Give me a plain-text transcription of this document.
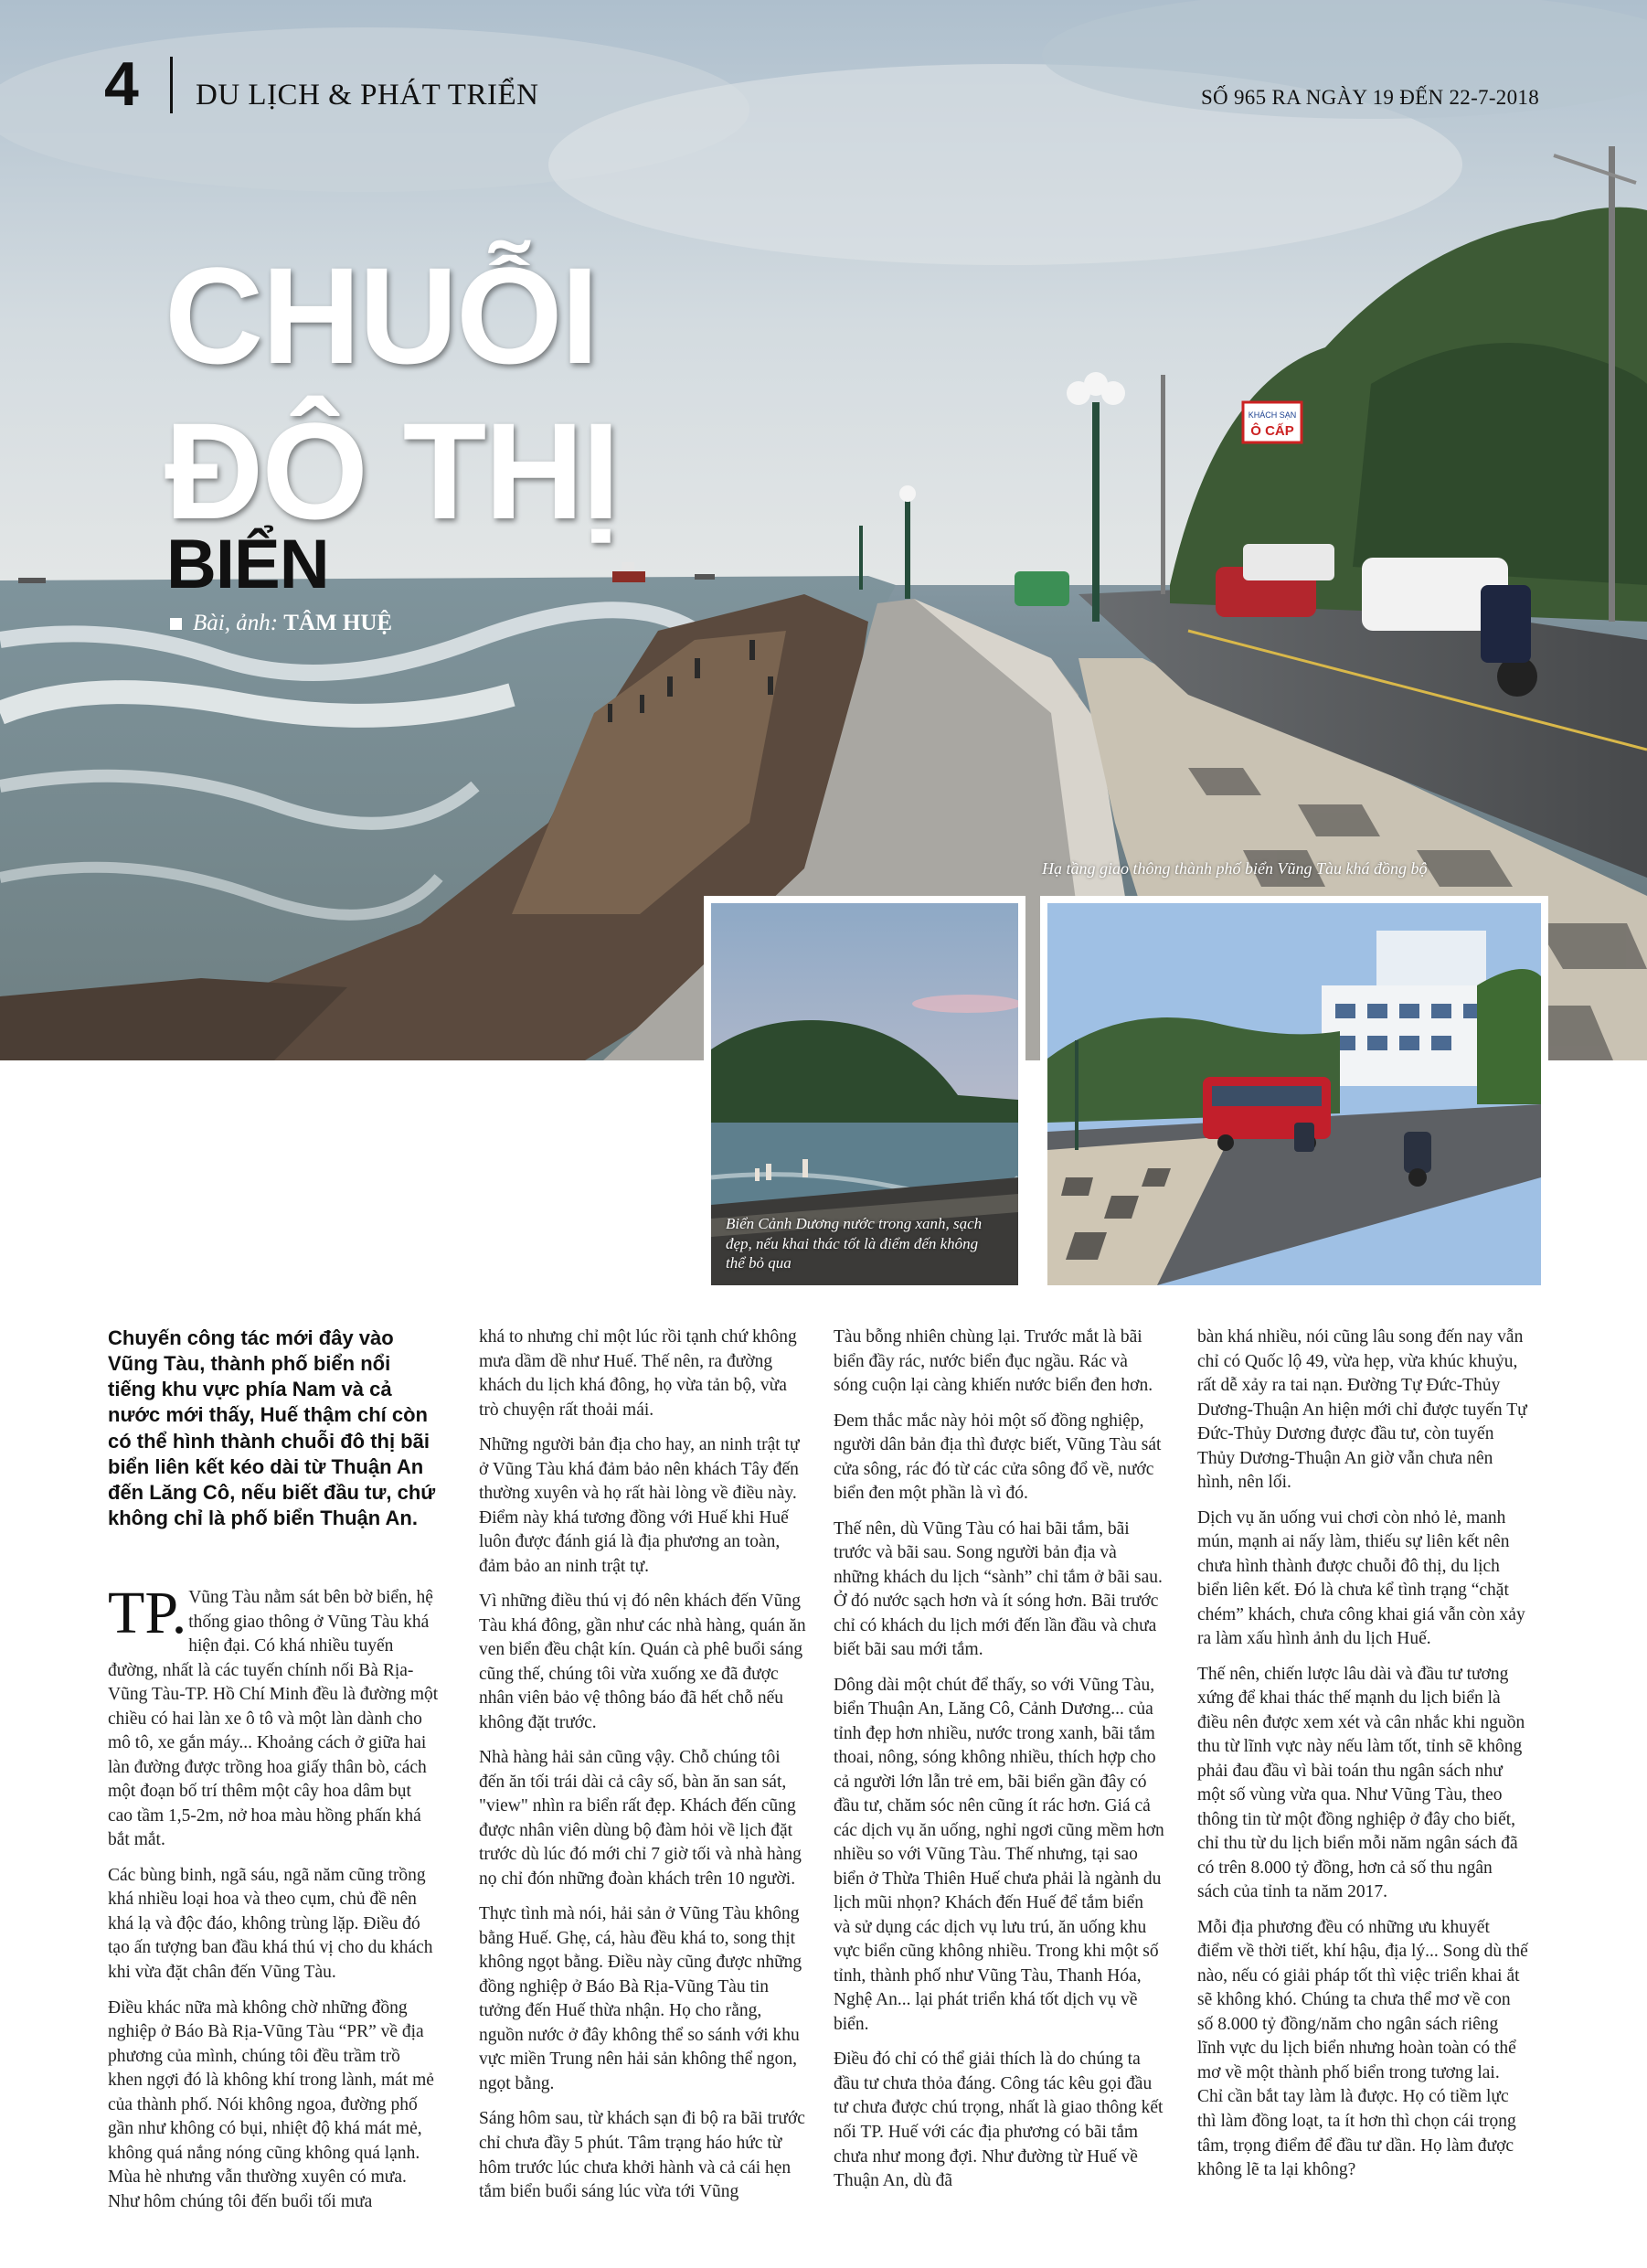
KHÁCH SẠN
Ô CẤP
4 DU LỊCH & PHÁT TRIỂN	SỐ 965 RA NGÀY 19 ĐẾN 22-7-2018
CHUỖI
ĐÔ THỊ
BIỂN
Bài, ảnh: TÂM HUỆ
Hạ tầng giao thông thành phố biển Vũng Tàu khá đồng bộ
Biển Cảnh Dương nước trong xanh, sạch đẹp, nếu khai thác tốt là điểm đến không thể bỏ qua

Chuyến công tác mới đây vào Vũng Tàu, thành phố biển nổi tiếng khu vực phía Nam và cả nước mới thấy, Huế thậm chí còn có thể hình thành chuỗi đô thị bãi biển liên kết kéo dài từ Thuận An đến Lăng Cô, nếu biết đầu tư, chứ không chỉ là phố biển Thuận An.

TP. Vũng Tàu nằm sát bên bờ biển, hệ thống giao thông ở Vũng Tàu khá hiện đại. Có khá nhiều tuyến đường, nhất là các tuyến chính nối Bà Rịa-Vũng Tàu-TP. Hồ Chí Minh đều là đường một chiều có hai làn xe ô tô và một làn dành cho mô tô, xe gắn máy... Khoảng cách ở giữa hai làn đường được trồng hoa giấy thân bò, cách một đoạn bố trí thêm một cây hoa dâm bụt cao tầm 1,5-2m, nở hoa màu hồng phấn khá bắt mắt.

Các bùng binh, ngã sáu, ngã năm cũng trồng khá nhiều loại hoa và theo cụm, chủ đề nên khá lạ và độc đáo, không trùng lặp. Điều đó tạo ấn tượng ban đầu khá thú vị cho du khách khi vừa đặt chân đến Vũng Tàu.

Điều khác nữa mà không chờ những đồng nghiệp ở Báo Bà Rịa-Vũng Tàu “PR” về địa phương của mình, chúng tôi đều trầm trồ khen ngợi đó là không khí trong lành, mát mẻ của thành phố. Nói không ngoa, đường phố gần như không có bụi, nhiệt độ khá mát mẻ, không quá nắng nóng cũng không quá lạnh. Mùa hè nhưng vẫn thường xuyên có mưa. Như hôm chúng tôi đến buổi tối mưa

khá to nhưng chỉ một lúc rồi tạnh chứ không mưa dầm dề như Huế. Thế nên, ra đường khách du lịch khá đông, họ vừa tản bộ, vừa trò chuyện rất thoải mái.

Những người bản địa cho hay, an ninh trật tự ở Vũng Tàu khá đảm bảo nên khách Tây đến thường xuyên và họ rất hài lòng về điều này. Điểm này khá tương đồng với Huế khi Huế luôn được đánh giá là địa phương an toàn, đảm bảo an ninh trật tự.

Vì những điều thú vị đó nên khách đến Vũng Tàu khá đông, gần như các nhà hàng, quán ăn ven biển đều chật kín. Quán cà phê buổi sáng cũng thế, chúng tôi vừa xuống xe đã được nhân viên bảo vệ thông báo đã hết chỗ nếu không đặt trước.

Nhà hàng hải sản cũng vậy. Chỗ chúng tôi đến ăn tối trái dài cả cây số, bàn ăn san sát, "view" nhìn ra biển rất đẹp. Khách đến cũng được nhân viên dùng bộ đàm hỏi về lịch đặt trước dù lúc đó mới chỉ 7 giờ tối và nhà hàng nọ chỉ đón những đoàn khách trên 10 người.

Thực tình mà nói, hải sản ở Vũng Tàu không bằng Huế. Ghẹ, cá, hàu đều khá to, song thịt không ngọt bằng. Điều này cũng được những đồng nghiệp ở Báo Bà Rịa-Vũng Tàu tin tưởng đến Huế thừa nhận. Họ cho rằng, nguồn nước ở đây không thể so sánh với khu vực miền Trung nên hải sản không thể ngon, ngọt bằng.

Sáng hôm sau, từ khách sạn đi bộ ra bãi trước chỉ chưa đầy 5 phút. Tâm trạng háo hức từ hôm trước lúc chưa khởi hành và cả cái hẹn tắm biển buổi sáng lúc vừa tới Vũng

Tàu bỗng nhiên chùng lại. Trước mắt là bãi biển đầy rác, nước biển đục ngầu. Rác và sóng cuộn lại càng khiến nước biển đen hơn.

Đem thắc mắc này hỏi một số đồng nghiệp, người dân bản địa thì được biết, Vũng Tàu sát cửa sông, rác đó từ các cửa sông đổ về, nước biển đen một phần là vì đó.

Thế nên, dù Vũng Tàu có hai bãi tắm, bãi trước và bãi sau. Song người bản địa và những khách du lịch “sành” chỉ tắm ở bãi sau. Ở đó nước sạch hơn và ít sóng hơn. Bãi trước chỉ có khách du lịch mới đến lần đầu và chưa biết bãi sau mới tắm.

Dông dài một chút để thấy, so với Vũng Tàu, biển Thuận An, Lăng Cô, Cảnh Dương... của tỉnh đẹp hơn nhiều, nước trong xanh, bãi tắm thoai, nông, sóng không nhiều, thích hợp cho cả người lớn lẫn trẻ em, bãi biển gần đây có đầu tư, chăm sóc nên cũng ít rác hơn. Giá cả các dịch vụ ăn uống, nghỉ ngơi cũng mềm hơn nhiều so với Vũng Tàu. Thế nhưng, tại sao biển ở Thừa Thiên Huế chưa phải là ngành du lịch mũi nhọn? Khách đến Huế để tắm biển và sử dụng các dịch vụ lưu trú, ăn uống khu vực biển cũng không nhiều. Trong khi một số tỉnh, thành phố như Vũng Tàu, Thanh Hóa, Nghệ An... lại phát triển khá tốt dịch vụ về biển.

Điều đó chỉ có thể giải thích là do chúng ta đầu tư chưa thỏa đáng. Công tác kêu gọi đầu tư chưa được chú trọng, nhất là giao thông kết nối TP. Huế với các địa phương có bãi tắm chưa như mong đợi. Như đường từ Huế về Thuận An, dù đã

bàn khá nhiều, nói cũng lâu song đến nay vẫn chỉ có Quốc lộ 49, vừa hẹp, vừa khúc khuỷu, rất dễ xảy ra tai nạn. Đường Tự Đức-Thủy Dương-Thuận An hiện mới chỉ được tuyến Tự Đức-Thủy Dương được đầu tư, còn tuyến Thủy Dương-Thuận An giờ vẫn chưa nên hình, nên lối.

Dịch vụ ăn uống vui chơi còn nhỏ lẻ, manh mún, mạnh ai nấy làm, thiếu sự liên kết nên chưa hình thành được chuỗi đô thị, du lịch biển liên kết. Đó là chưa kể tình trạng “chặt chém” khách, chưa công khai giá vẫn còn xảy ra làm xấu hình ảnh du lịch Huế.

Thế nên, chiến lược lâu dài và đầu tư tương xứng để khai thác thế mạnh du lịch biển là điều nên được xem xét và cân nhắc khi nguồn thu từ lĩnh vực này nếu làm tốt, tỉnh sẽ không phải đau đầu vì bài toán thu ngân sách như một số vùng vừa qua. Như Vũng Tàu, theo thông tin từ một đồng nghiệp ở đây cho biết, chỉ thu từ du lịch biển mỗi năm ngân sách đã có trên 8.000 tỷ đồng, hơn cả số thu ngân sách của tỉnh ta năm 2017.

Mỗi địa phương đều có những ưu khuyết điểm về thời tiết, khí hậu, địa lý... Song dù thế nào, nếu có giải pháp tốt thì việc triển khai ắt sẽ không khó. Chúng ta chưa thể mơ về con số 8.000 tỷ đồng/năm cho ngân sách riêng lĩnh vực du lịch biển nhưng hoàn toàn có thể mơ về một thành phố biển trong tương lai. Chỉ cần bắt tay làm là được. Họ có tiềm lực thì làm đồng loạt, ta ít hơn thì chọn cái trọng tâm, trọng điểm để đầu tư dần. Họ làm được không lẽ ta lại không?
